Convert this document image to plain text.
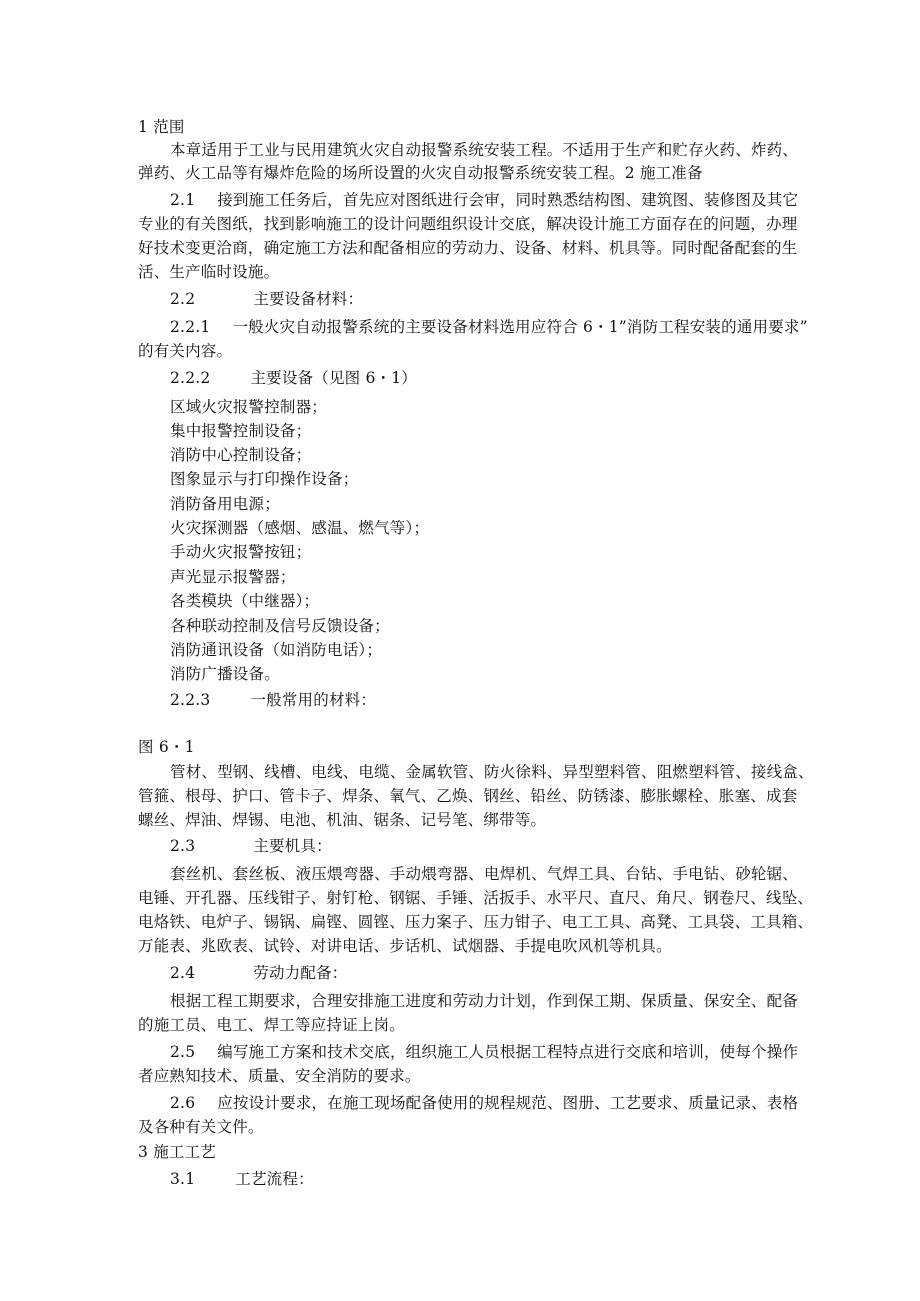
1 范围
本章适用于工业与民用建筑火灾自动报警系统安装工程。不适用于生产和贮存火药、炸药、
弹药、火工品等有爆炸危险的场所设置的火灾自动报警系统安装工程。2 施工准备
2.1 接到施工任务后，首先应对图纸进行会审，同时熟悉结构图、建筑图、装修图及其它
专业的有关图纸，找到影响施工的设计问题组织设计交底，解决设计施工方面存在的问题，办理
好技术变更洽商，确定施工方法和配备相应的劳动力、设备、材料、机具等。同时配备配套的生
活、生产临时设施。
2.2	主要设备材料：
2.2.1 一般火灾自动报警系统的主要设备材料选用应符合 6・1”消防工程安装的通用要求”
的有关内容。
2.2.2	主要设备（见图 6・1）
区域火灾报警控制器；
集中报警控制设备；
消防中心控制设备；
图象显示与打印操作设备；
消防备用电源；
火灾探测器（感烟、感温、燃气等）；
手动火灾报警按钮；
声光显示报警器；
各类模块（中继器）；
各种联动控制及信号反馈设备；
消防通讯设备（如消防电话）；
消防广播设备。
2.2.3	一般常用的材料：
图 6・1
管材、型钢、线槽、电线、电缆、金属软管、防火徐料、异型塑料管、阻燃塑料管、接线盒、
管箍、根母、护口、管卡子、焊条、氧气、乙焕、钢丝、铅丝、防锈漆、膨胀螺栓、胀塞、成套
螺丝、焊油、焊锡、电池、机油、锯条、记号笔、绑带等。
2.3	主要机具：
套丝机、套丝板、液压煨弯器、手动煨弯器、电焊机、气焊工具、台钻、手电钻、砂轮锯、
电锤、开孔器、压线钳子、射钉枪、钢锯、手锤、活扳手、水平尺、直尺、角尺、钢卷尺、线坠、
电烙铁、电炉子、锡锅、扁铿、圆铿、压力案子、压力钳子、电工工具、高凳、工具袋、工具箱、
万能表、兆欧表、试铃、对讲电话、步话机、试烟器、手提电吹风机等机具。
2.4	劳动力配备：
根据工程工期要求，合理安排施工进度和劳动力计划，作到保工期、保质量、保安全、配备
的施工员、电工、焊工等应持证上岗。
2.5 编写施工方案和技术交底，组织施工人员根据工程特点进行交底和培训，使每个操作
者应熟知技术、质量、安全消防的要求。
2.6 应按设计要求，在施工现场配备使用的规程规范、图册、工艺要求、质量记录、表格
及各种有关文件。
3 施工工艺
3.1	工艺流程：
